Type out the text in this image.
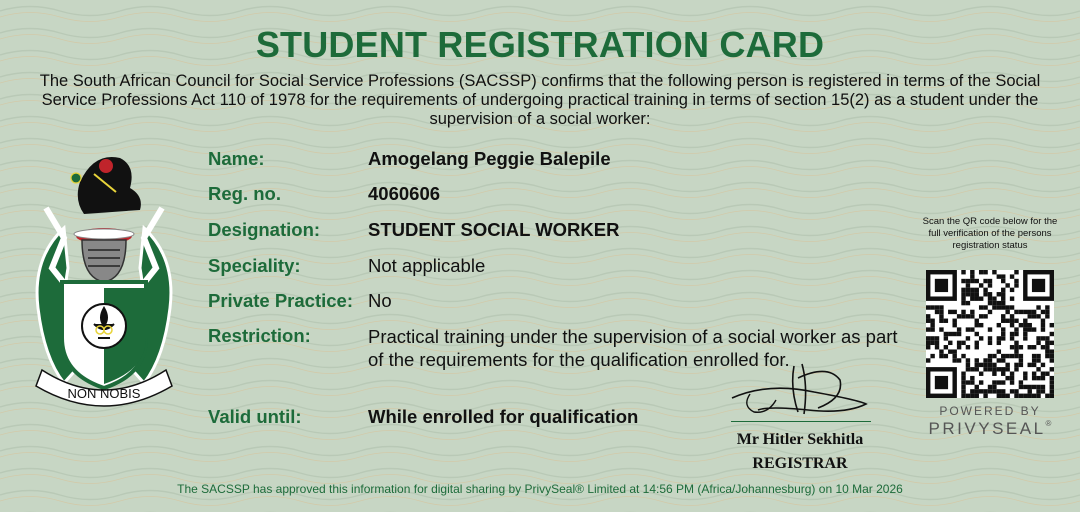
STUDENT REGISTRATION CARD
The South African Council for Social Service Professions (SACSSP) confirms that the following person is registered in terms of the Social Service Professions Act 110 of 1978 for the requirements of undergoing practical training in terms of section 15(2) as a student under the supervision of a social worker:
NON NOBIS
Name:	Amogelang Peggie Balepile
Reg. no.	4060606
Designation:	STUDENT SOCIAL WORKER
Speciality:	Not applicable
Private Practice: No
Restriction:	Practical training under the supervision of a social worker as part of the requirements for the qualification enrolled for.
Valid until:	While enrolled for qualification
Mr Hitler Sekhitla
REGISTRAR
Scan the QR code below for the full verification of the persons registration status
POWERED BY
PRIVYSEAL®
The SACSSP has approved this information for digital sharing by PrivySeal® Limited at 14:56 PM (Africa/Johannesburg) on 10 Mar 2026
